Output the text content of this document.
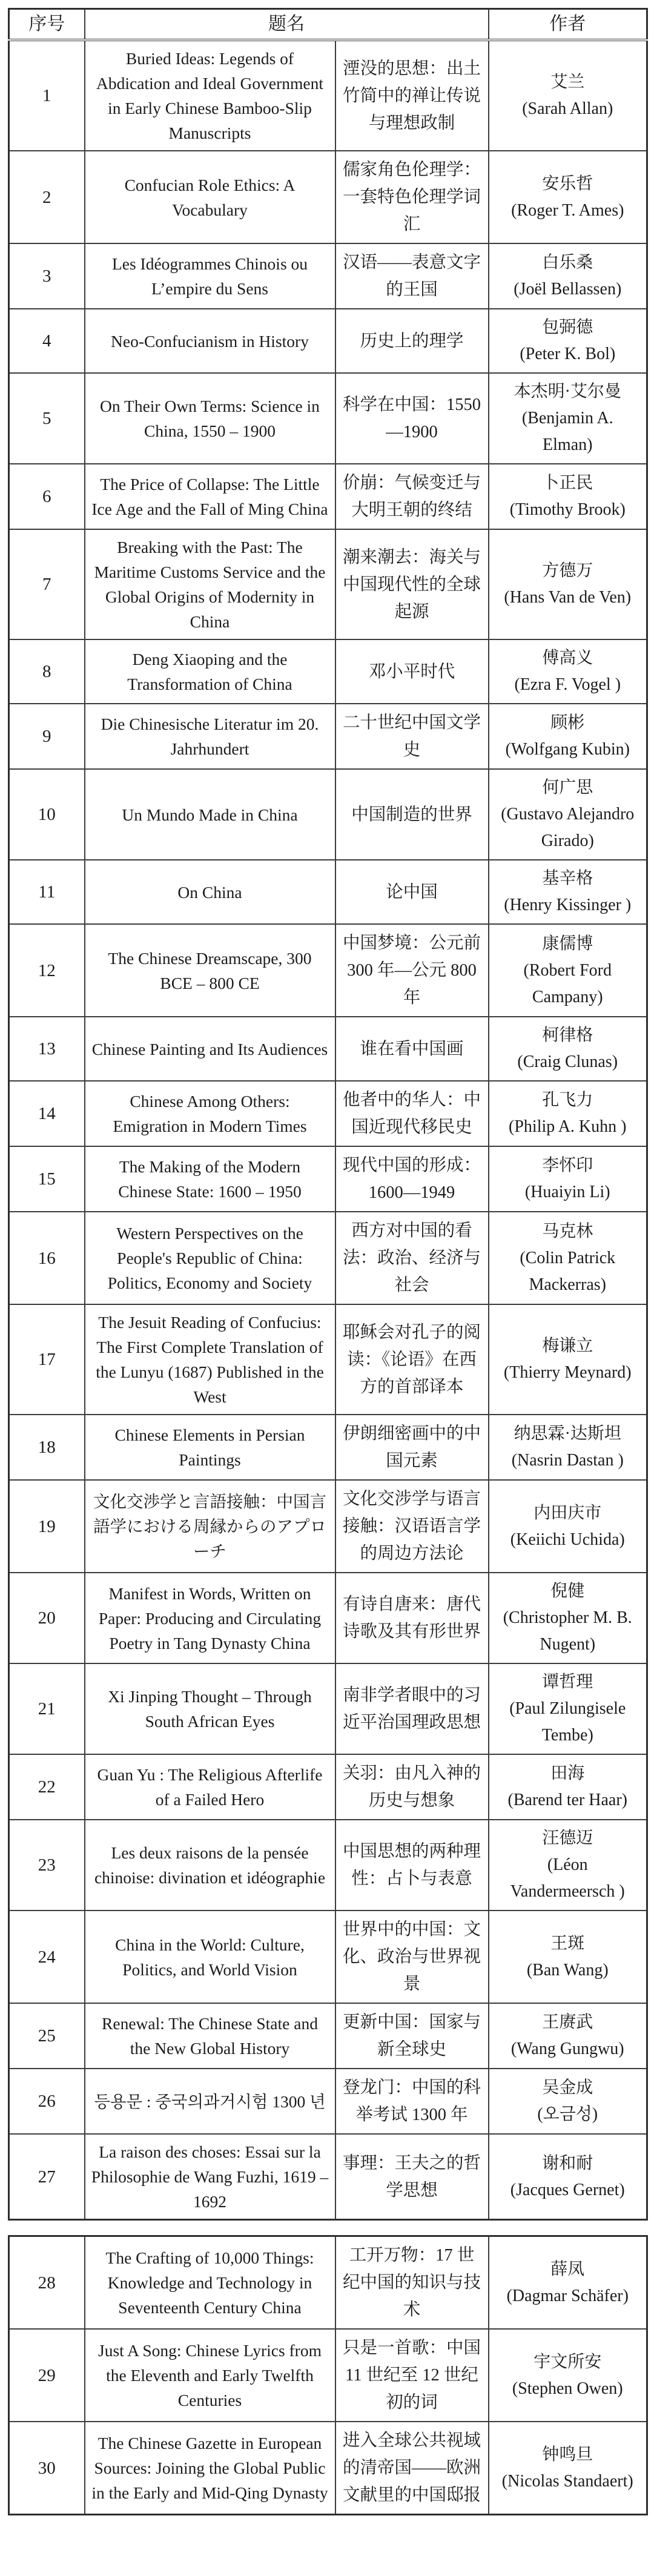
序号	题名		作者
1	Buried Ideas: Legends of Abdication and Ideal Government in Early Chinese Bamboo-Slip Manuscripts	湮没的思想：出土竹简中的禅让传说与理想政制	艾兰
(Sarah Allan)

2	Confucian Role Ethics: A Vocabulary	儒家角色伦理学：一套特色伦理学词汇	安乐哲
(Roger T. Ames)

3	Les Idéogrammes Chinois ou L’empire du Sens	汉语——表意文字的王国	白乐桑
(Joël Bellassen)

4	Neo-Confucianism in History	历史上的理学	包弼德
(Peter K. Bol)

5	On Their Own Terms: Science in China, 1550 – 1900	科学在中国：1550—1900	本杰明·艾尔曼
(Benjamin A. Elman)

6	The Price of Collapse: The Little Ice Age and the Fall of Ming China	价崩：气候变迁与大明王朝的终结	卜正民
(Timothy Brook)

7	Breaking with the Past: The Maritime Customs Service and the Global Origins of Modernity in China	潮来潮去：海关与中国现代性的全球起源	方德万
(Hans Van de Ven)

8	Deng Xiaoping and the Transformation of China	邓小平时代	傅高义
(Ezra F. Vogel )

9	Die Chinesische Literatur im 20. Jahrhundert	二十世纪中国文学史	顾彬
(Wolfgang Kubin)

10	Un Mundo Made in China	中国制造的世界	何广思
(Gustavo Alejandro Girado)

11	On China	论中国	基辛格
(Henry Kissinger )

12	The Chinese Dreamscape, 300 BCE – 800 CE	中国梦境：公元前 300 年—公元 800 年	康儒博
(Robert Ford Campany)

13	Chinese Painting and Its Audiences	谁在看中国画	柯律格
(Craig Clunas)

14	Chinese Among Others: Emigration in Modern Times	他者中的华人：中国近现代移民史	孔飞力
(Philip A. Kuhn )

15	The Making of the Modern Chinese State: 1600 – 1950	现代中国的形成：1600—1949	李怀印
(Huaiyin Li)

16	Western Perspectives on the People's Republic of China: Politics, Economy and Society	西方对中国的看法：政治、经济与社会	马克林
(Colin Patrick Mackerras)

17	The Jesuit Reading of Confucius: The First Complete Translation of the Lunyu (1687) Published in the West	耶稣会对孔子的阅读：《论语》在西方的首部译本	梅谦立
(Thierry Meynard)

18	Chinese Elements in Persian Paintings	伊朗细密画中的中国元素	纳思霖·达斯坦
(Nasrin Dastan )

19	文化交渉学と言語接触：中国言語学における周縁からのアプローチ	文化交涉学与语言接触：汉语语言学的周边方法论	内田庆市
(Keiichi Uchida)

20	Manifest in Words, Written on Paper: Producing and Circulating Poetry in Tang Dynasty China	有诗自唐来：唐代诗歌及其有形世界	倪健
(Christopher M. B. Nugent)

21	Xi Jinping Thought – Through South African Eyes	南非学者眼中的习近平治国理政思想	谭哲理
(Paul Zilungisele Tembe)

22	Guan Yu : The Religious Afterlife of a Failed Hero	关羽：由凡入神的历史与想象	田海
(Barend ter Haar)

23	Les deux raisons de la pensée chinoise: divination et idéographie	中国思想的两种理性：占卜与表意	汪德迈
(Léon Vandermeersch )

24	China in the World: Culture, Politics, and World Vision	世界中的中国：文化、政治与世界视景	王斑
(Ban Wang)

25	Renewal: The Chinese State and the New Global History	更新中国：国家与新全球史	王赓武
(Wang Gungwu)

26	등용문 : 중국의과거시험 1300 년	登龙门：中国的科举考试 1300 年	吴金成
(오금성)

27	La raison des choses: Essai sur la Philosophie de Wang Fuzhi, 1619 – 1692	事理：王夫之的哲学思想	谢和耐
(Jacques Gernet)
28	The Crafting of 10,000 Things: Knowledge and Technology in Seventeenth Century China	工开万物：17 世纪中国的知识与技术	薛凤
(Dagmar Schäfer)

29	Just A Song: Chinese Lyrics from the Eleventh and Early Twelfth Centuries	只是一首歌：中国 11 世纪至 12 世纪初的词	宇文所安
(Stephen Owen)

30	The Chinese Gazette in European Sources: Joining the Global Public in the Early and Mid-Qing Dynasty	进入全球公共视域的清帝国——欧洲文献里的中国邸报	钟鸣旦
(Nicolas Standaert)
